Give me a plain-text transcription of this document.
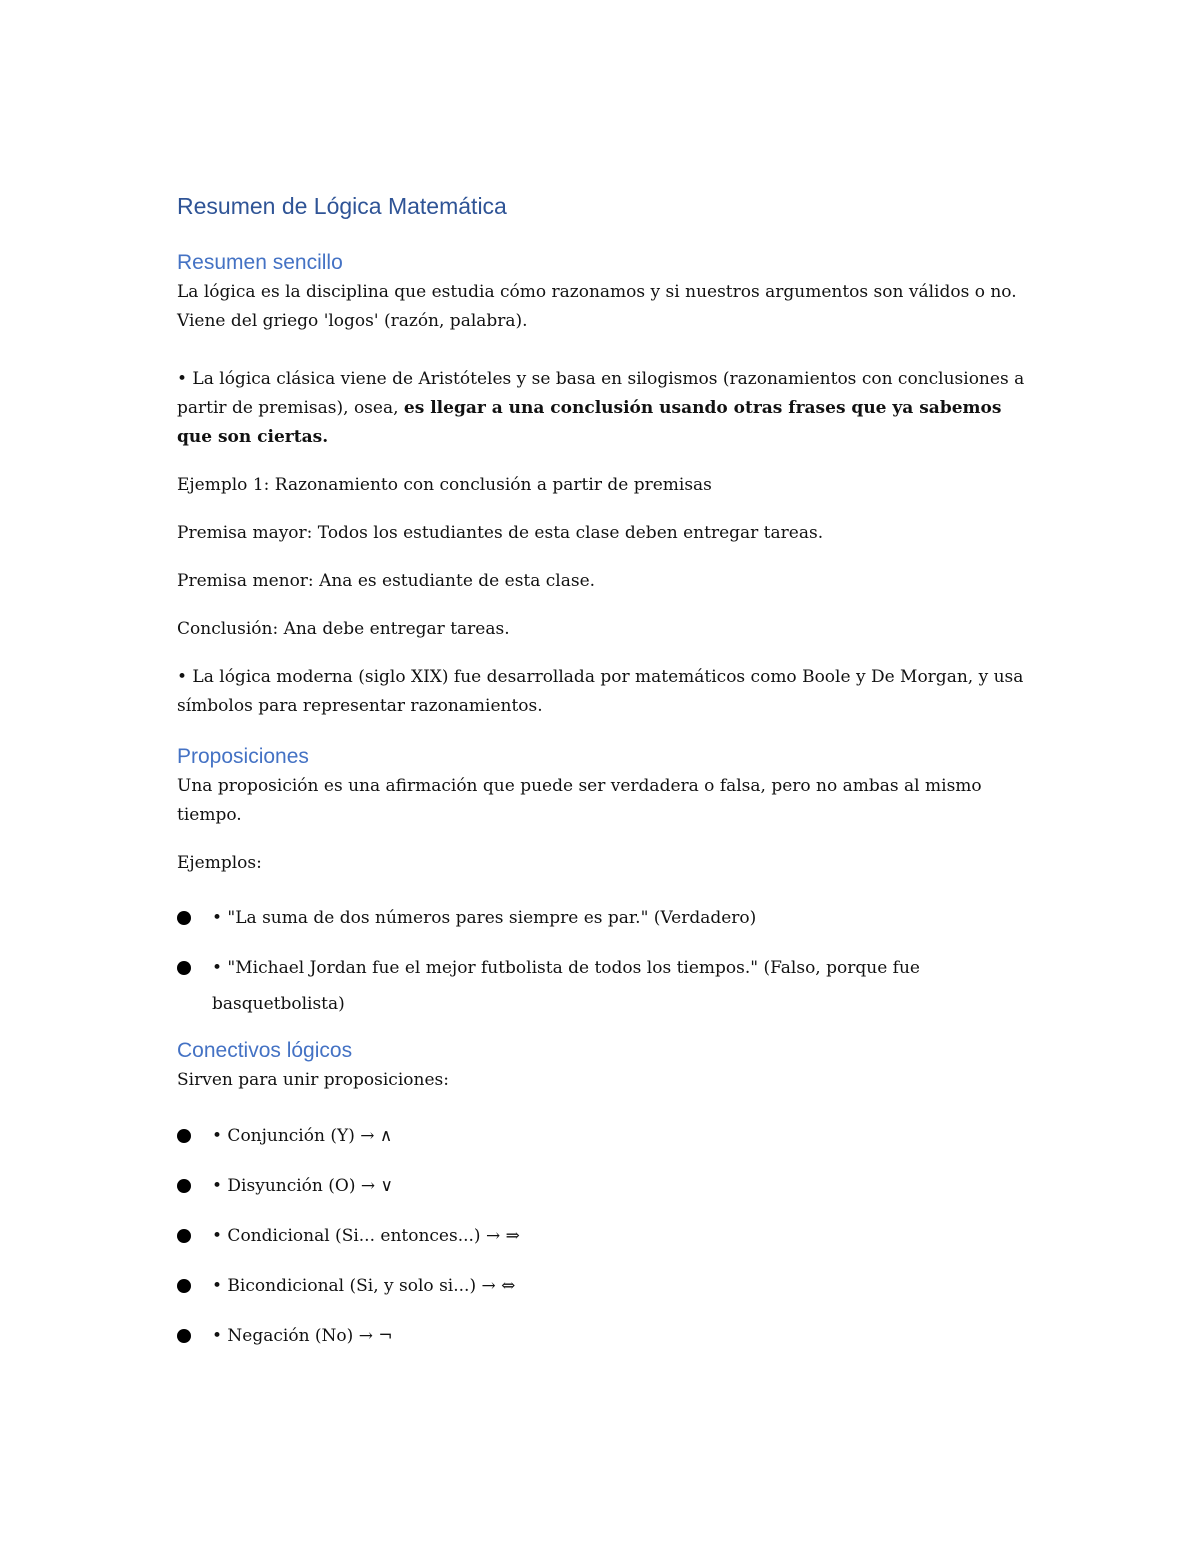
Resumen de Lógica Matemática
Resumen sencillo

La lógica es la disciplina que estudia cómo razonamos y si nuestros argumentos son válidos o no. Viene del griego 'logos' (razón, palabra).

• La lógica clásica viene de Aristóteles y se basa en silogismos (razonamientos con conclusiones a partir de premisas), osea, es llegar a una conclusión usando otras frases que ya sabemos que son ciertas.

Ejemplo 1: Razonamiento con conclusión a partir de premisas

Premisa mayor: Todos los estudiantes de esta clase deben entregar tareas.

Premisa menor: Ana es estudiante de esta clase.

Conclusión: Ana debe entregar tareas.

• La lógica moderna (siglo XIX) fue desarrollada por matemáticos como Boole y De Morgan, y usa símbolos para representar razonamientos.

Proposiciones

Una proposición es una afirmación que puede ser verdadera o falsa, pero no ambas al mismo tiempo.

Ejemplos:

• "La suma de dos números pares siempre es par." (Verdadero)
• "Michael Jordan fue el mejor futbolista de todos los tiempos." (Falso, porque fue basquetbolista)
Conectivos lógicos

Sirven para unir proposiciones:

• Conjunción (Y) → ∧
• Disyunción (O) → ∨
• Condicional (Si... entonces...) → ⇒
• Bicondicional (Si, y solo si...) → ⇔
• Negación (No) → ¬
